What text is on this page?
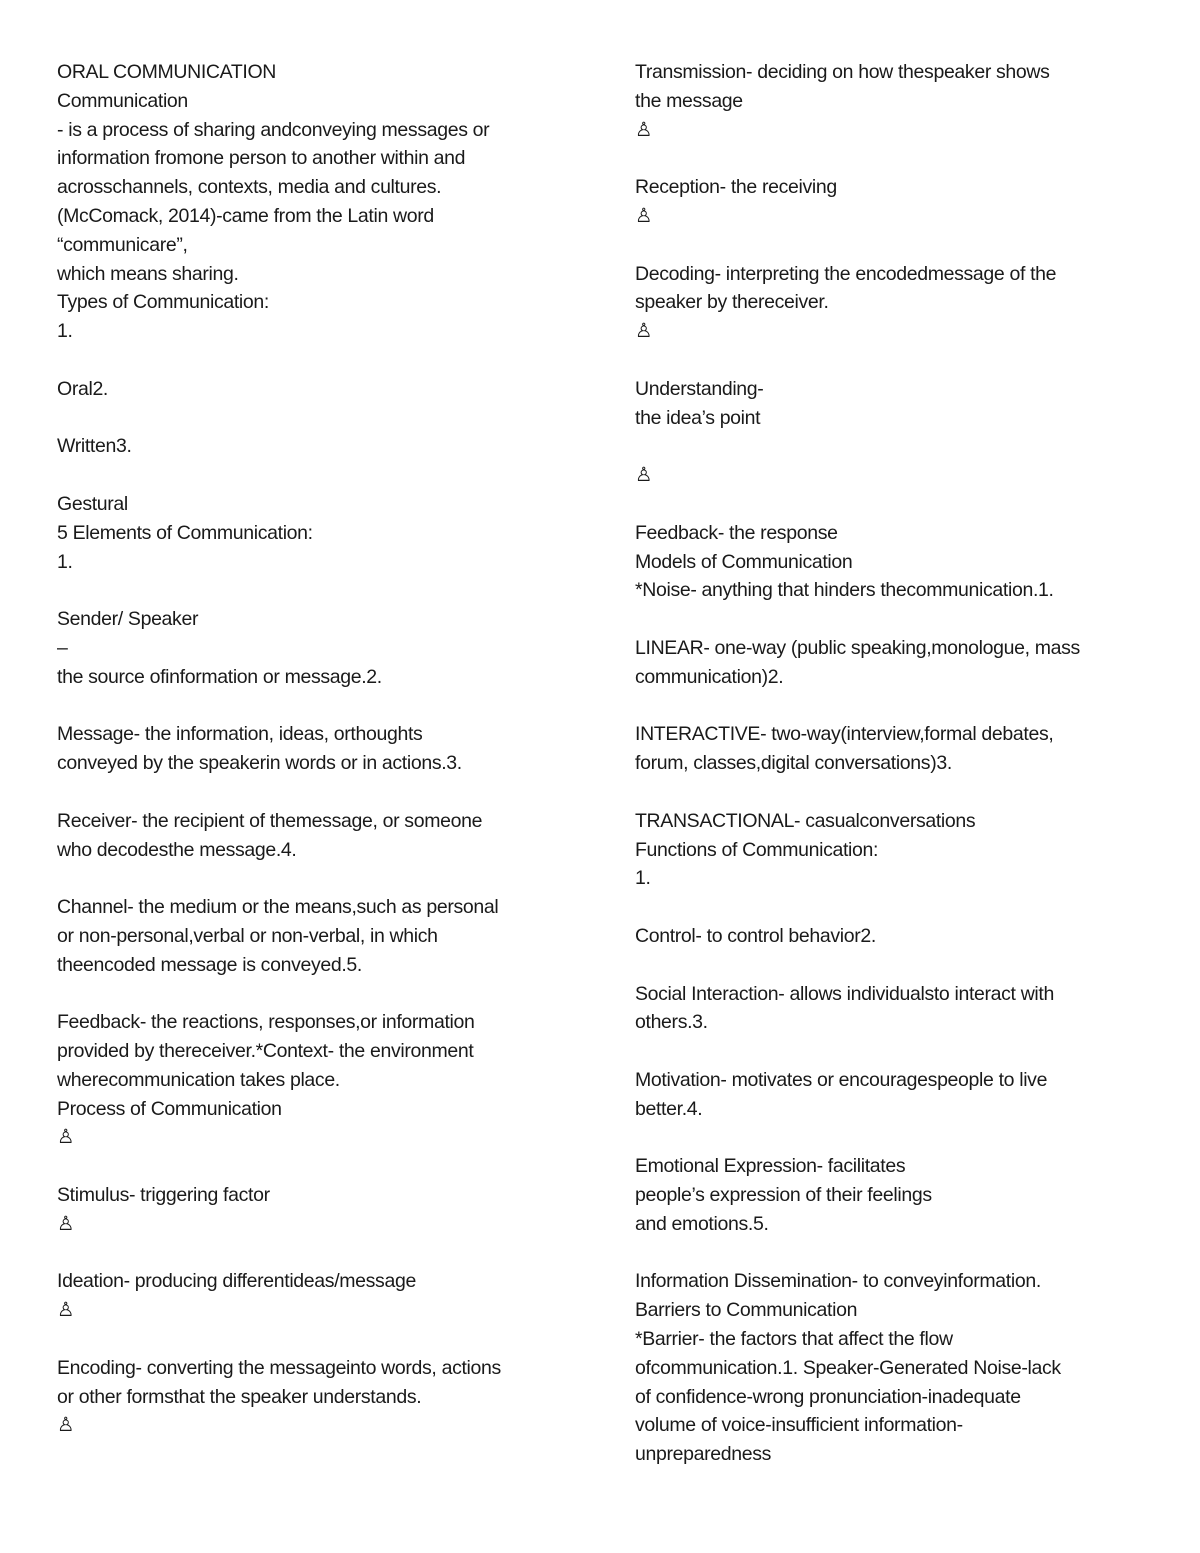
ORAL COMMUNICATION
Communication
- is a process of sharing andconveying messages or
information fromone person to another within and
acrosschannels, contexts, media and cultures.
(McComack, 2014)-came from the Latin word
“communicare”,
which means sharing.
Types of Communication:
1.
Oral2.
Written3.
Gestural
5 Elements of Communication:
1.
Sender/ Speaker
–
the source ofinformation or message.2.
Message- the information, ideas, orthoughts
conveyed by the speakerin words or in actions.3.
Receiver- the recipient of themessage, or someone
who decodesthe message.4.
Channel- the medium or the means,such as personal
or non-personal,verbal or non-verbal, in which
theencoded message is conveyed.5.
Feedback- the reactions, responses,or information
provided by thereceiver.*Context- the environment
wherecommunication takes place.
Process of Communication
♙
Stimulus- triggering factor
♙
Ideation- producing differentideas/message
♙
Encoding- converting the messageinto words, actions
or other formsthat the speaker understands.
♙
Transmission- deciding on how thespeaker shows
the message
♙
Reception- the receiving
♙
Decoding- interpreting the encodedmessage of the
speaker by thereceiver.
♙
Understanding-
the idea’s point
♙
Feedback- the response
Models of Communication
*Noise- anything that hinders thecommunication.1.
LINEAR- one-way (public speaking,monologue, mass
communication)2.
INTERACTIVE- two-way(interview,formal debates,
forum, classes,digital conversations)3.
TRANSACTIONAL- casualconversations
Functions of Communication:
1.
Control- to control behavior2.
Social Interaction- allows individualsto interact with
others.3.
Motivation- motivates or encouragespeople to live
better.4.
Emotional Expression- facilitates
people’s expression of their feelings
and emotions.5.
Information Dissemination- to conveyinformation.
Barriers to Communication
*Barrier- the factors that affect the flow
ofcommunication.1. Speaker-Generated Noise-lack
of confidence-wrong pronunciation-inadequate
volume of voice-insufficient information-
unpreparedness
